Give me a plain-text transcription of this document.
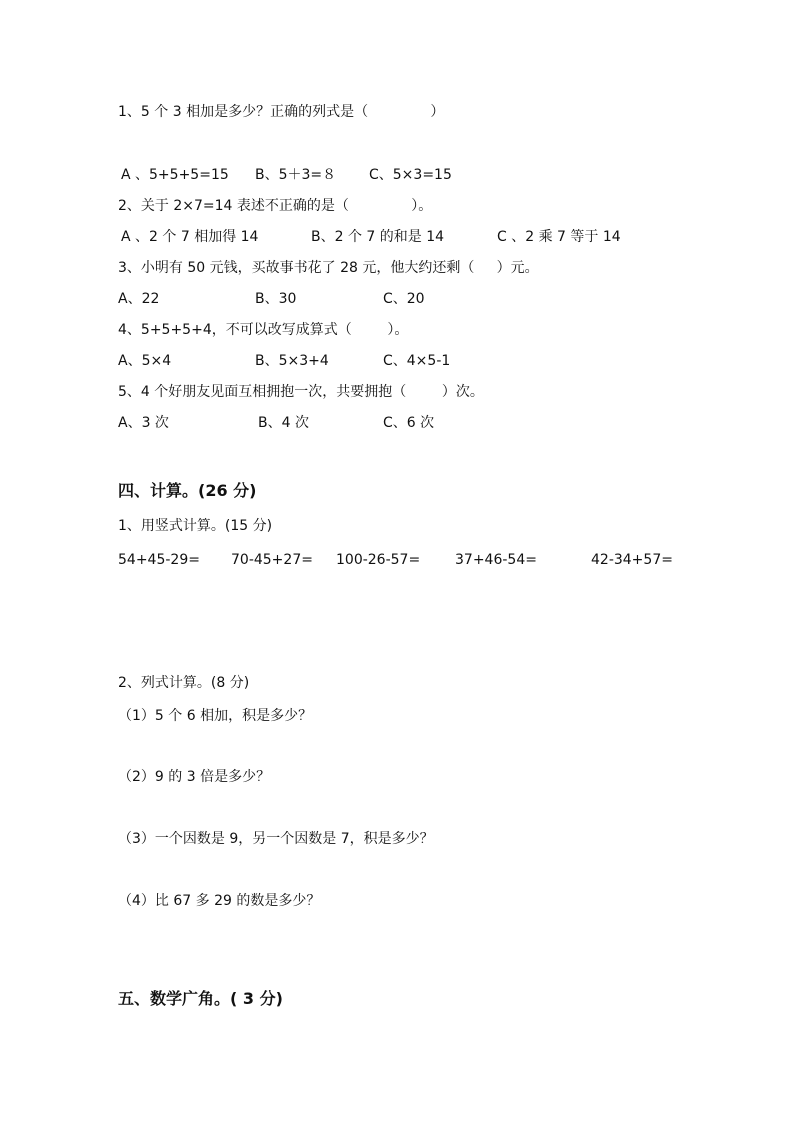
1、5 个 3 相加是多少？正确的列式是（              ）
A 、5+5+5=15 B、5＋3=８ C、5×3=15
2、关于 2×7=14 表述不正确的是（              ）。
A 、2 个 7 相加得 14	B、2 个 7 的和是 14	C 、2 乘 7 等于 14
3、小明有 50 元钱，买故事书花了 28 元，他大约还剩（     ）元。
A、22	B、30	C、20
4、5+5+5+4，不可以改写成算式（        ）。
A、5×4	B、5×3+4	C、4×5-1
5、4 个好朋友见面互相拥抱一次，共要拥抱（        ）次。
A、3 次	B、4 次	C、6 次
四、计算。(26 分)
1、用竖式计算。(15 分)
54+45-29= 70-45+27= 100-26-57= 37+46-54=	42-34+57=
2、列式计算。(8 分)
（1）5 个 6 相加，积是多少？
（2）9 的 3 倍是多少？
（3）一个因数是 9，另一个因数是 7，积是多少？
（4）比 67 多 29 的数是多少？
五、数学广角。( 3 分)
